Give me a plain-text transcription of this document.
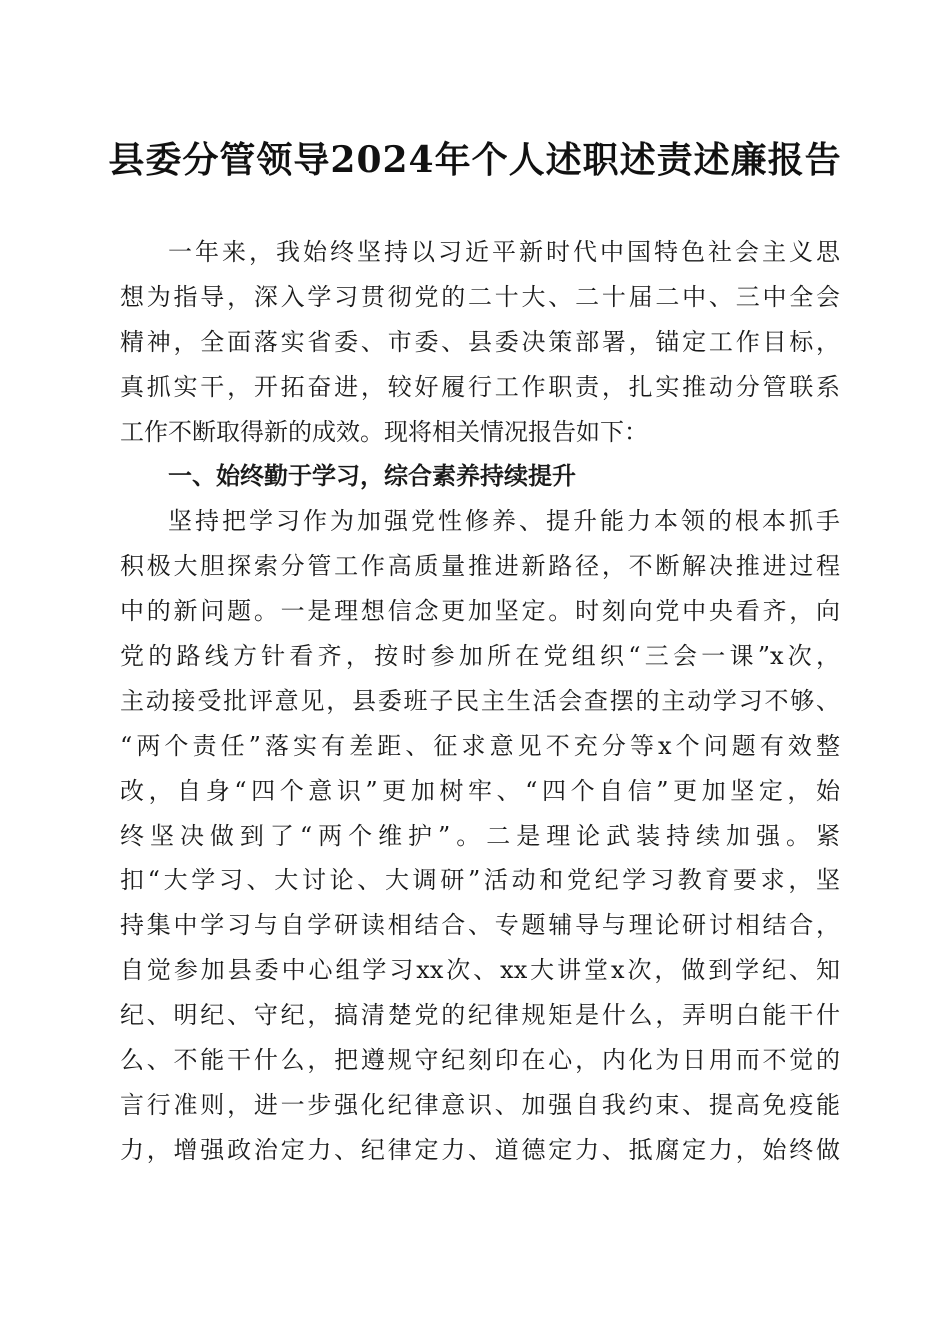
县委分管领导2024年个人述职述责述廉报告
一年来，我始终坚持以习近平新时代中国特色社会主义思
想为指导，深入学习贯彻党的二十大、二十届二中、三中全会
精神，全面落实省委、市委、县委决策部署，锚定工作目标，
真抓实干，开拓奋进，较好履行工作职责，扎实推动分管联系
工作不断取得新的成效。现将相关情况报告如下：
一、始终勤于学习，综合素养持续提升
坚持把学习作为加强党性修养、提升能力本领的根本抓手
积极大胆探索分管工作高质量推进新路径，不断解决推进过程
中的新问题。一是理想信念更加坚定。时刻向党中央看齐，向
党的路线方针看齐，按时参加所在党组织“三会一课”x次，
主动接受批评意见，县委班子民主生活会查摆的主动学习不够、
“两个责任”落实有差距、征求意见不充分等x个问题有效整
改，自身“四个意识”更加树牢、“四个自信”更加坚定，始
终坚决做到了“两个维护”。二是理论武装持续加强。紧
扣“大学习、大讨论、大调研”活动和党纪学习教育要求，坚
持集中学习与自学研读相结合、专题辅导与理论研讨相结合，
自觉参加县委中心组学习xx次、xx大讲堂x次，做到学纪、知
纪、明纪、守纪，搞清楚党的纪律规矩是什么，弄明白能干什
么、不能干什么，把遵规守纪刻印在心，内化为日用而不觉的
言行准则，进一步强化纪律意识、加强自我约束、提高免疫能
力，增强政治定力、纪律定力、道德定力、抵腐定力，始终做
